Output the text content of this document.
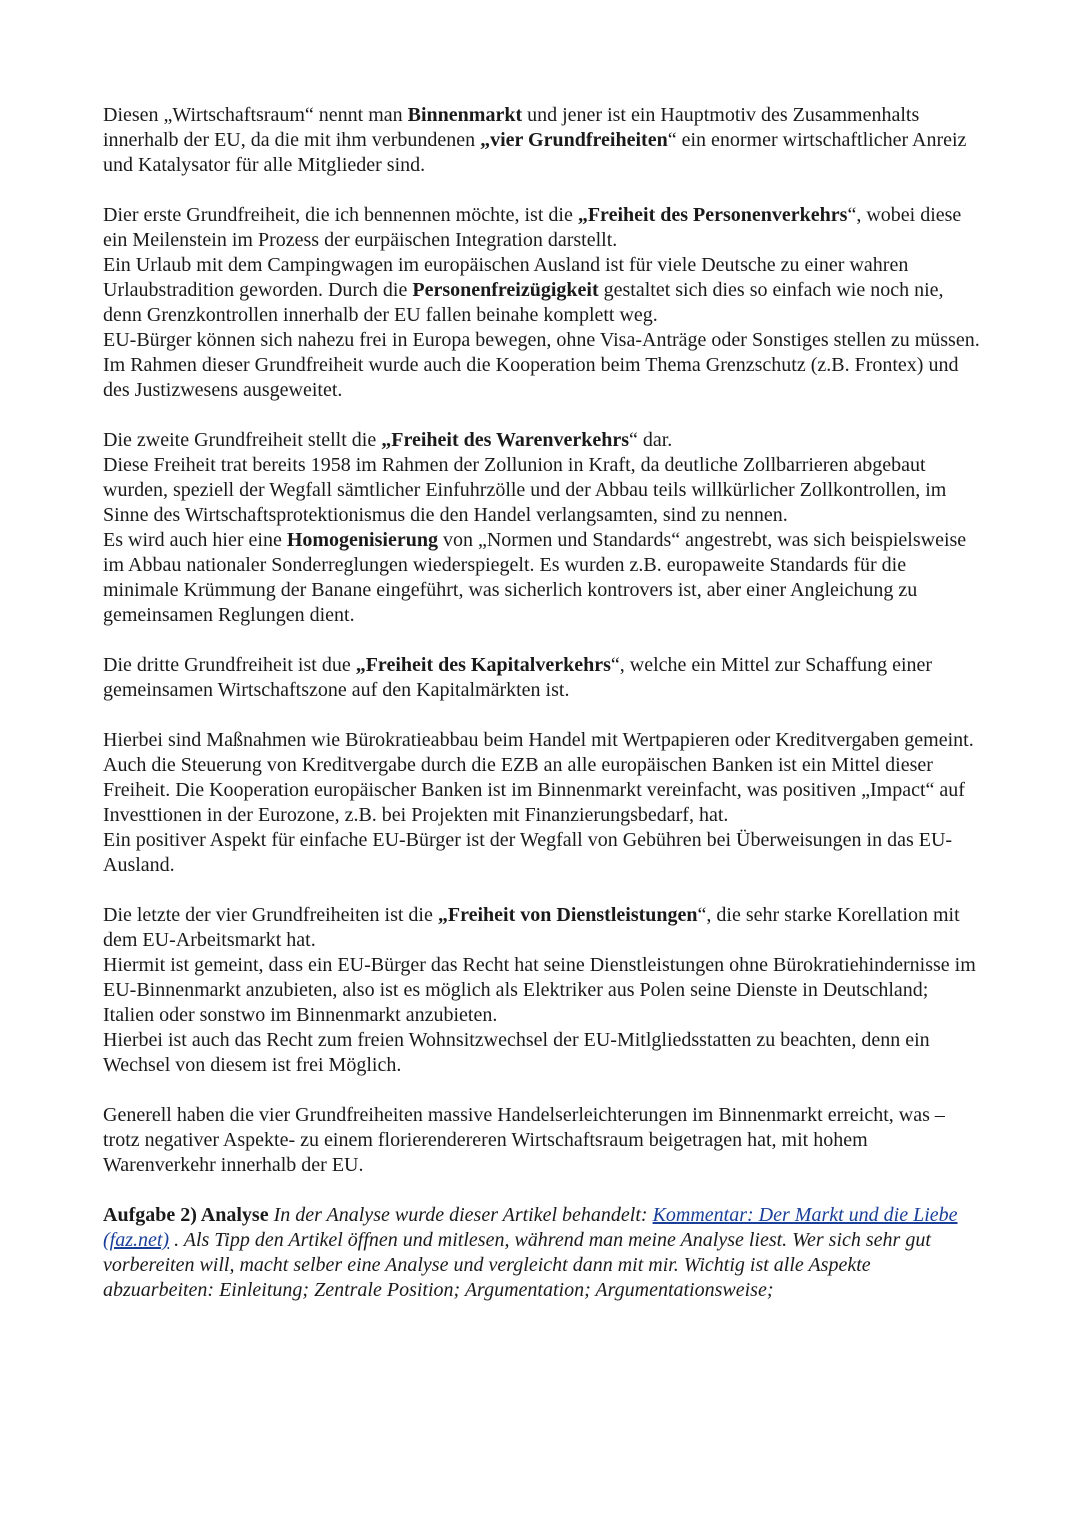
Diesen „Wirtschaftsraum“ nennt man Binnenmarkt und jener ist ein Hauptmotiv des Zusammenhalts innerhalb der EU, da die mit ihm verbundenen „vier Grundfreiheiten“ ein enormer wirtschaftlicher Anreiz und Katalysator für alle Mitglieder sind.

Dier erste Grundfreiheit, die ich bennennen möchte, ist die „Freiheit des Personenverkehrs“, wobei diese ein Meilenstein im Prozess der eurpäischen Integration darstellt.

Ein Urlaub mit dem Campingwagen im europäischen Ausland ist für viele Deutsche zu einer wahren Urlaubstradition geworden. Durch die Personenfreizügigkeit gestaltet sich dies so einfach wie noch nie, denn Grenzkontrollen innerhalb der EU fallen beinahe komplett weg.

EU-Bürger können sich nahezu frei in Europa bewegen, ohne Visa-Anträge oder Sonstiges stellen zu müssen.

Im Rahmen dieser Grundfreiheit wurde auch die Kooperation beim Thema Grenzschutz (z.B. Frontex) und des Justizwesens ausgeweitet.

Die zweite Grundfreiheit stellt die „Freiheit des Warenverkehrs“ dar.

Diese Freiheit trat bereits 1958 im Rahmen der Zollunion in Kraft, da deutliche Zollbarrieren abgebaut wurden, speziell der Wegfall sämtlicher Einfuhrzölle und der Abbau teils willkürlicher Zollkontrollen, im Sinne des Wirtschaftsprotektionismus die den Handel verlangsamten, sind zu nennen.

Es wird auch hier eine Homogenisierung von „Normen und Standards“ angestrebt, was sich beispielsweise im Abbau nationaler Sonderreglungen wiederspiegelt. Es wurden z.B. europaweite Standards für die minimale Krümmung der Banane eingeführt, was sicherlich kontrovers ist, aber einer Angleichung zu gemeinsamen Reglungen dient.

Die dritte Grundfreiheit ist due „Freiheit des Kapitalverkehrs“, welche ein Mittel zur Schaffung einer gemeinsamen Wirtschaftszone auf den Kapitalmärkten ist.

Hierbei sind Maßnahmen wie Bürokratieabbau beim Handel mit Wertpapieren oder Kreditvergaben gemeint.

Auch die Steuerung von Kreditvergabe durch die EZB an alle europäischen Banken ist ein Mittel dieser Freiheit. Die Kooperation europäischer Banken ist im Binnenmarkt vereinfacht, was positiven „Impact“ auf Investtionen in der Eurozone, z.B. bei Projekten mit Finanzierungsbedarf, hat.

Ein positiver Aspekt für einfache EU-Bürger ist der Wegfall von Gebühren bei Überweisungen in das EU-Ausland.

Die letzte der vier Grundfreiheiten ist die „Freiheit von Dienstleistungen“, die sehr starke Korellation mit dem EU-Arbeitsmarkt hat.

Hiermit ist gemeint, dass ein EU-Bürger das Recht hat seine Dienstleistungen ohne Bürokratiehindernisse im EU-Binnenmarkt anzubieten, also ist es möglich als Elektriker aus Polen seine Dienste in Deutschland; Italien oder sonstwo im Binnenmarkt anzubieten.

Hierbei ist auch das Recht zum freien Wohnsitzwechsel der EU-Mitlgliedsstatten zu beachten, denn ein Wechsel von diesem ist frei Möglich.

Generell haben die vier Grundfreiheiten massive Handelserleichterungen im Binnenmarkt erreicht, was – trotz negativer Aspekte- zu einem florierendereren Wirtschaftsraum beigetragen hat, mit hohem Warenverkehr innerhalb der EU.

Aufgabe 2) Analyse In der Analyse wurde dieser Artikel behandelt: Kommentar: Der Markt und die Liebe (faz.net) . Als Tipp den Artikel öffnen und mitlesen, während man meine Analyse liest. Wer sich sehr gut vorbereiten will, macht selber eine Analyse und vergleicht dann mit mir. Wichtig ist alle Aspekte abzuarbeiten: Einleitung; Zentrale Position; Argumentation; Argumentationsweise;
